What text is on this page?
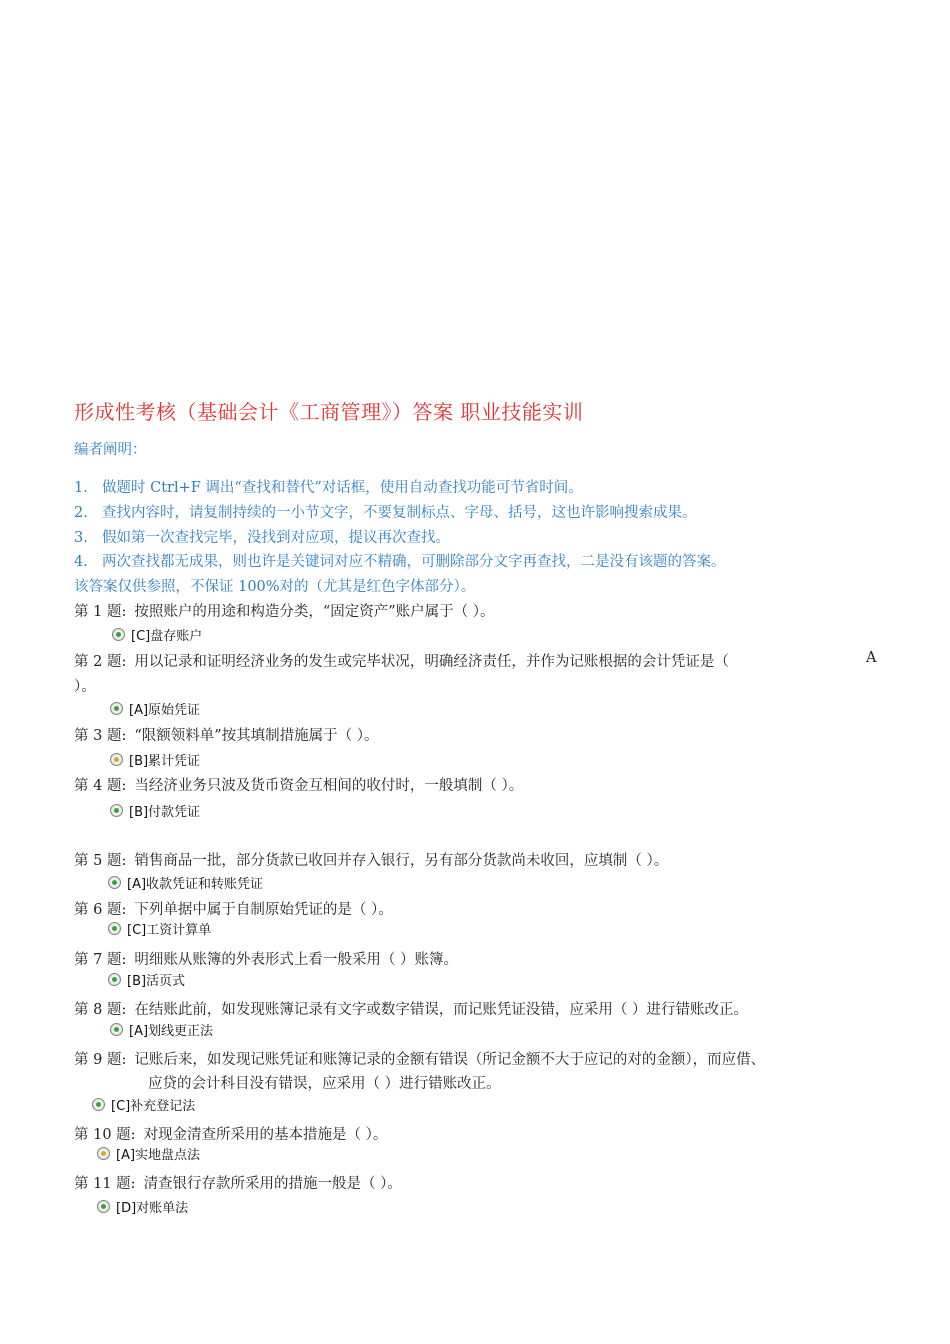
形成性考核（基础会计《工商管理》）答案 职业技能实训
编者阐明：
1. 做题时 Ctrl+F 调出“查找和替代”对话框，使用自动查找功能可节省时间。
2. 查找内容时，请复制持续的一小节文字，不要复制标点、字母、括号，这也许影响搜索成果。
3. 假如第一次查找完毕，没找到对应项，提议再次查找。
4. 两次查找都无成果，则也许是关键词对应不精确，可删除部分文字再查找，二是没有该题的答案。
该答案仅供参照，不保证 100%对的（尤其是红色字体部分）。
第 1 题: 按照账户的用途和构造分类，“固定资产”账户属于（ ）。
[C]盘存账户
第 2 题: 用以记录和证明经济业务的发生或完毕状况，明确经济责任，并作为记账根据的会计凭证是（	A
）。
[A]原始凭证
第 3 题: “限额领料单”按其填制措施属于（ ）。
[B]累计凭证
第 4 题: 当经济业务只波及货币资金互相间的收付时，一般填制（ ）。
[B]付款凭证
第 5 题: 销售商品一批，部分货款已收回并存入银行，另有部分货款尚未收回，应填制（ ）。
[A]收款凭证和转账凭证
第 6 题: 下列单据中属于自制原始凭证的是（ ）。
[C]工资计算单
第 7 题: 明细账从账簿的外表形式上看一般采用（ ）账簿。
[B]活页式
第 8 题: 在结账此前，如发现账簿记录有文字或数字错误，而记账凭证没错，应采用（ ）进行错账改正。
[A]划线更正法
第 9 题: 记账后来，如发现记账凭证和账簿记录的金额有错误（所记金额不大于应记的对的金额），而应借、
应贷的会计科目没有错误，应采用（ ）进行错账改正。
[C]补充登记法
第 10 题: 对现金清查所采用的基本措施是（ ）。
[A]实地盘点法
第 11 题: 清查银行存款所采用的措施一般是（ ）。
[D]对账单法
